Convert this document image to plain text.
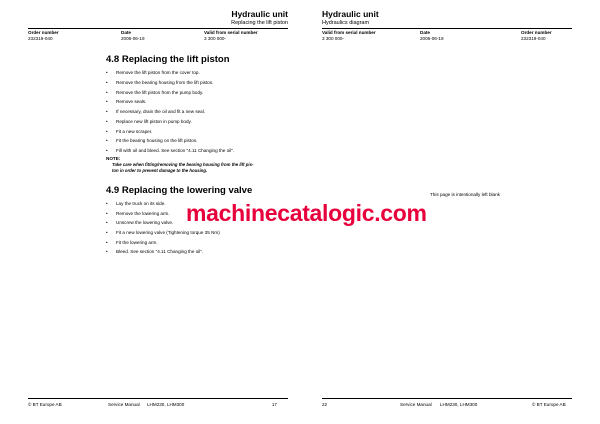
Hydraulic unit
Replacing the lift piston
Order number
232319-040
Date
2006-06-19
Valid from serial number
3 300 000-
4.8 Replacing the lift piston
• Remove the lift piston from the cover top.
• Remove the bearing housing from the lift piston.
• Remove the lift piston from the pump body.
• Remove seals.
• If necessary, drain the oil and fit a new seal.
• Replace new lift piston in pump body.
• Fit a new scraper.
• Fit the bearing housing on the lift piston.
• Fill with oil and bleed. See section "4.11 Changing the oil".
NOTE:
Take care when fitting/removing the bearing housing from the lift pis-
ton in order to prevent damage to the housing.
4.9 Replacing the lowering valve
• Lay the truck on its side.
• Remove the lowering arm.
• Unscrew the lowering valve.
• Fit a new lowering valve (Tightening torque 35 Nm)
• Fit the lowering arm.
• Bleed. See section "4.11 Changing the oil".
© BT Europe AB	Service Manual LHM230, LHM300	17
Hydraulic unit
Hydraulics diagram
Valid from serial number
3 300 000-
Date
2006-06-19
Order number
232319-040
This page is intentionally left blank
22	Service Manual LHM230, LHM300	© BT Europe AB
machinecatalogic.com
